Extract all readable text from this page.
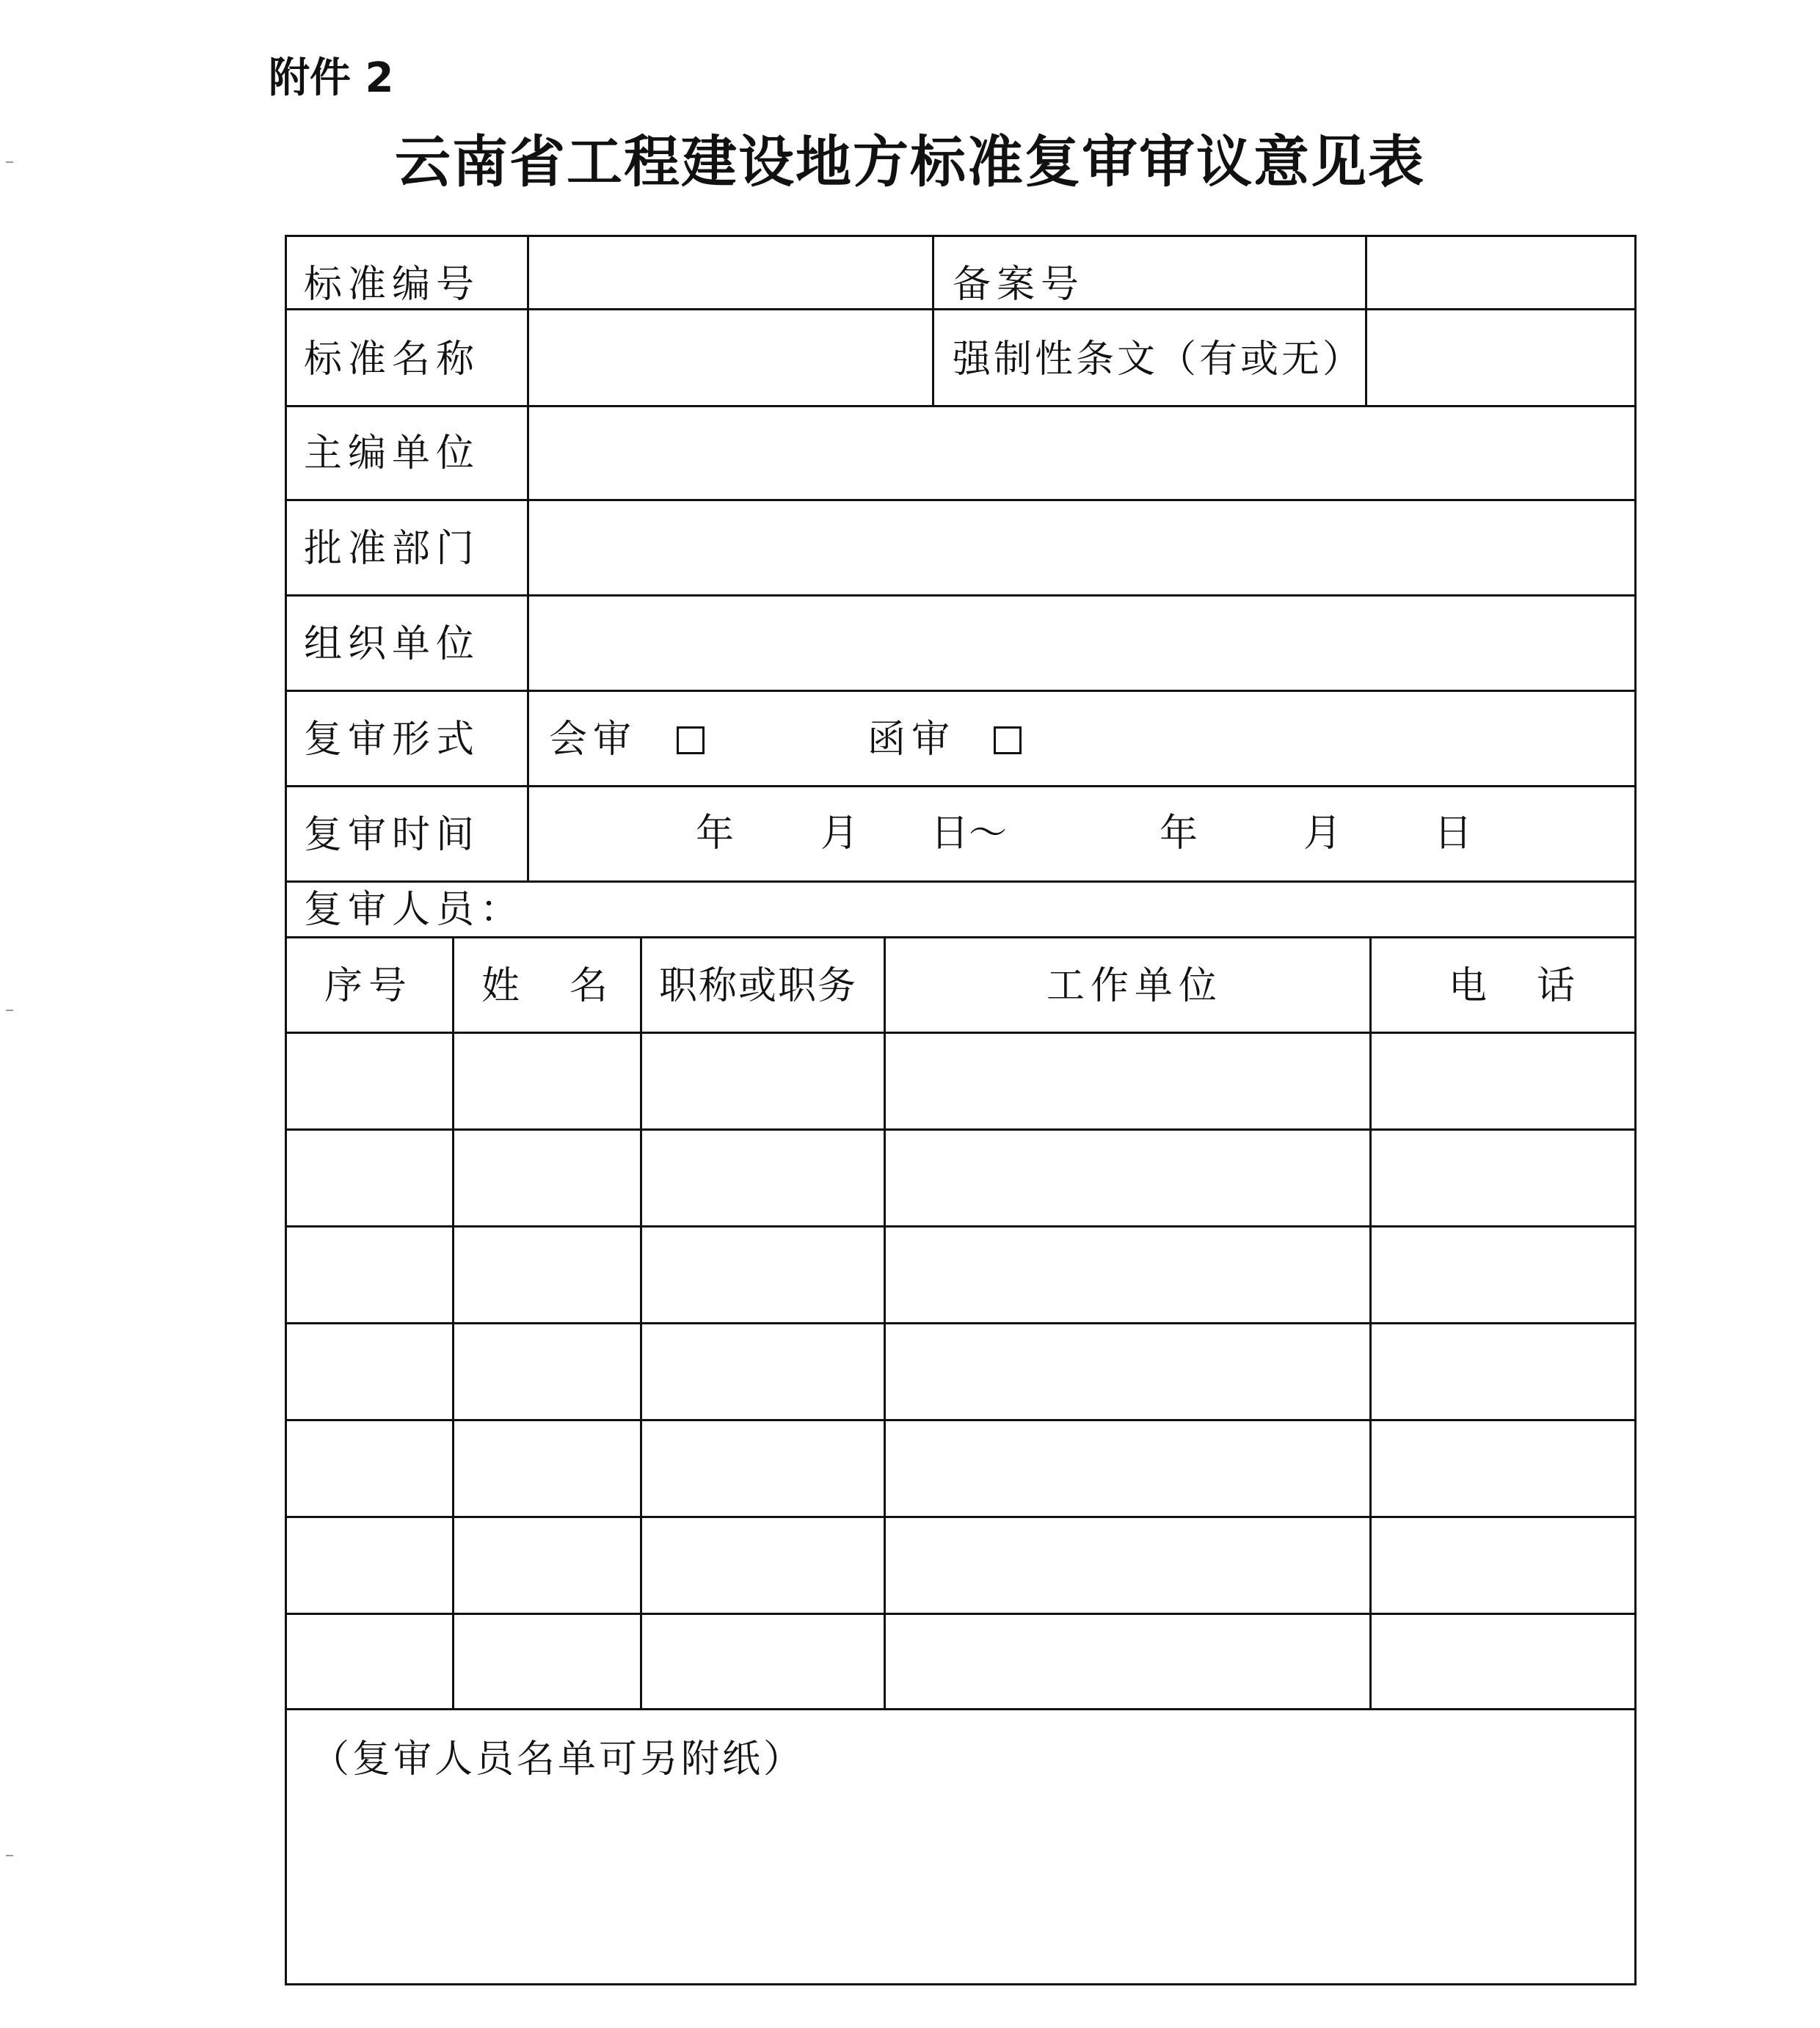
附件 2
云南省工程建设地方标准复审审议意见表
标准编号	备案号
标准名称	强制性条文（有或无）
主编单位
批准部门
组织单位
复审形式 会审	函审
复审时间	年 月 日～	年	月 日
复审人员：
序号 姓　名 职称或职务	工作单位	电　话
（复审人员名单可另附纸）
